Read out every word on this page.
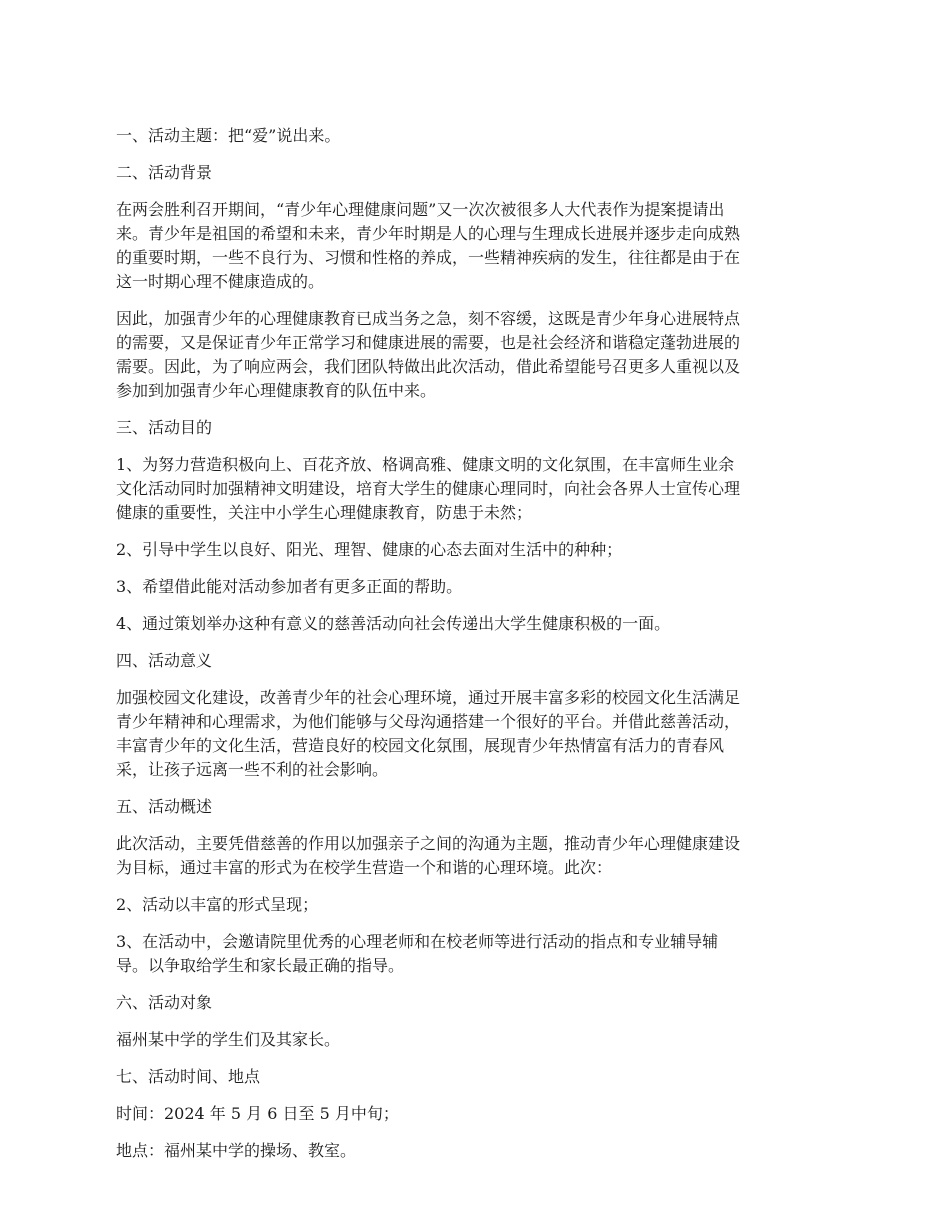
一、活动主题：把“爱”说出来。

二、活动背景

在两会胜利召开期间，“青少年心理健康问题”又一次次被很多人大代表作为提案提请出

来。青少年是祖国的希望和未来，青少年时期是人的心理与生理成长进展并逐步走向成熟

的重要时期，一些不良行为、习惯和性格的养成，一些精神疾病的发生，往往都是由于在

这一时期心理不健康造成的。

因此，加强青少年的心理健康教育已成当务之急，刻不容缓，这既是青少年身心进展特点

的需要，又是保证青少年正常学习和健康进展的需要，也是社会经济和谐稳定蓬勃进展的

需要。因此，为了响应两会，我们团队特做出此次活动，借此希望能号召更多人重视以及

参加到加强青少年心理健康教育的队伍中来。

三、活动目的

1、为努力营造积极向上、百花齐放、格调高雅、健康文明的文化氛围，在丰富师生业余

文化活动同时加强精神文明建设，培育大学生的健康心理同时，向社会各界人士宣传心理

健康的重要性，关注中小学生心理健康教育，防患于未然；

2、引导中学生以良好、阳光、理智、健康的心态去面对生活中的种种；

3、希望借此能对活动参加者有更多正面的帮助。

4、通过策划举办这种有意义的慈善活动向社会传递出大学生健康积极的一面。

四、活动意义

加强校园文化建设，改善青少年的社会心理环境，通过开展丰富多彩的校园文化生活满足

青少年精神和心理需求，为他们能够与父母沟通搭建一个很好的平台。并借此慈善活动，

丰富青少年的文化生活，营造良好的校园文化氛围，展现青少年热情富有活力的青春风

采，让孩子远离一些不利的社会影响。

五、活动概述

此次活动，主要凭借慈善的作用以加强亲子之间的沟通为主题，推动青少年心理健康建设

为目标，通过丰富的形式为在校学生营造一个和谐的心理环境。此次：

2、活动以丰富的形式呈现；

3、在活动中，会邀请院里优秀的心理老师和在校老师等进行活动的指点和专业辅导辅

导。以争取给学生和家长最正确的指导。

六、活动对象

福州某中学的学生们及其家长。

七、活动时间、地点

时间：2024 年 5 月 6 日至 5 月中旬；

地点：福州某中学的操场、教室。
